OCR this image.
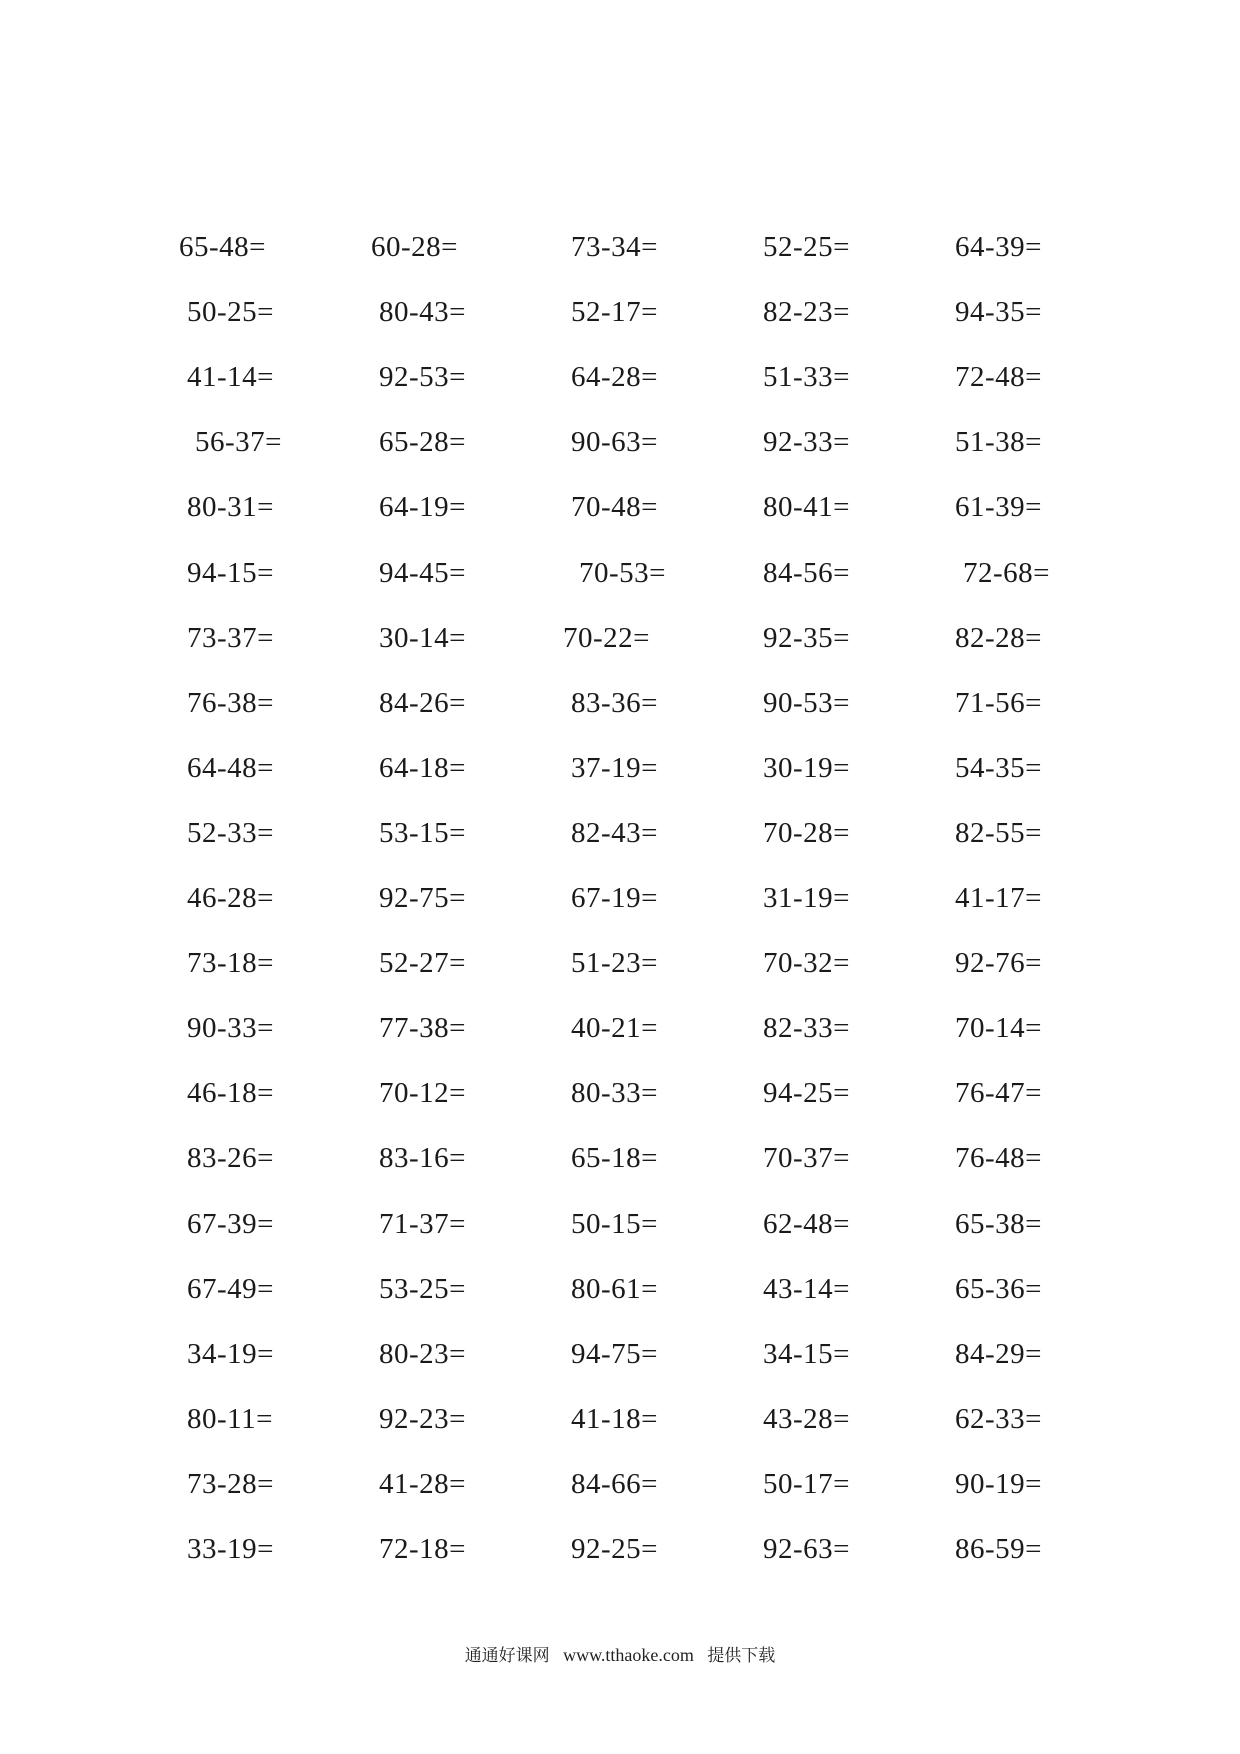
65-48=	60-28=	73-34=	52-25=	64-39=
50-25=	80-43=	52-17=	82-23=	94-35=
41-14=	92-53=	64-28=	51-33=	72-48=
56-37=	65-28=	90-63=	92-33=	51-38=
80-31=	64-19=	70-48=	80-41=	61-39=
94-15=	94-45=	70-53=	84-56=	72-68=
73-37=	30-14=	70-22=	92-35=	82-28=
76-38=	84-26=	83-36=	90-53=	71-56=
64-48=	64-18=	37-19=	30-19=	54-35=
52-33=	53-15=	82-43=	70-28=	82-55=
46-28=	92-75=	67-19=	31-19=	41-17=
73-18=	52-27=	51-23=	70-32=	92-76=
90-33=	77-38=	40-21=	82-33=	70-14=
46-18=	70-12=	80-33=	94-25=	76-47=
83-26=	83-16=	65-18=	70-37=	76-48=
67-39=	71-37=	50-15=	62-48=	65-38=
67-49=	53-25=	80-61=	43-14=	65-36=
34-19=	80-23=	94-75=	34-15=	84-29=
80-11=	92-23=	41-18=	43-28=	62-33=
73-28=	41-28=	84-66=	50-17=	90-19=
33-19=	72-18=	92-25=	92-63=	86-59=
通通好课网 www.tthaoke.com 提供下载
